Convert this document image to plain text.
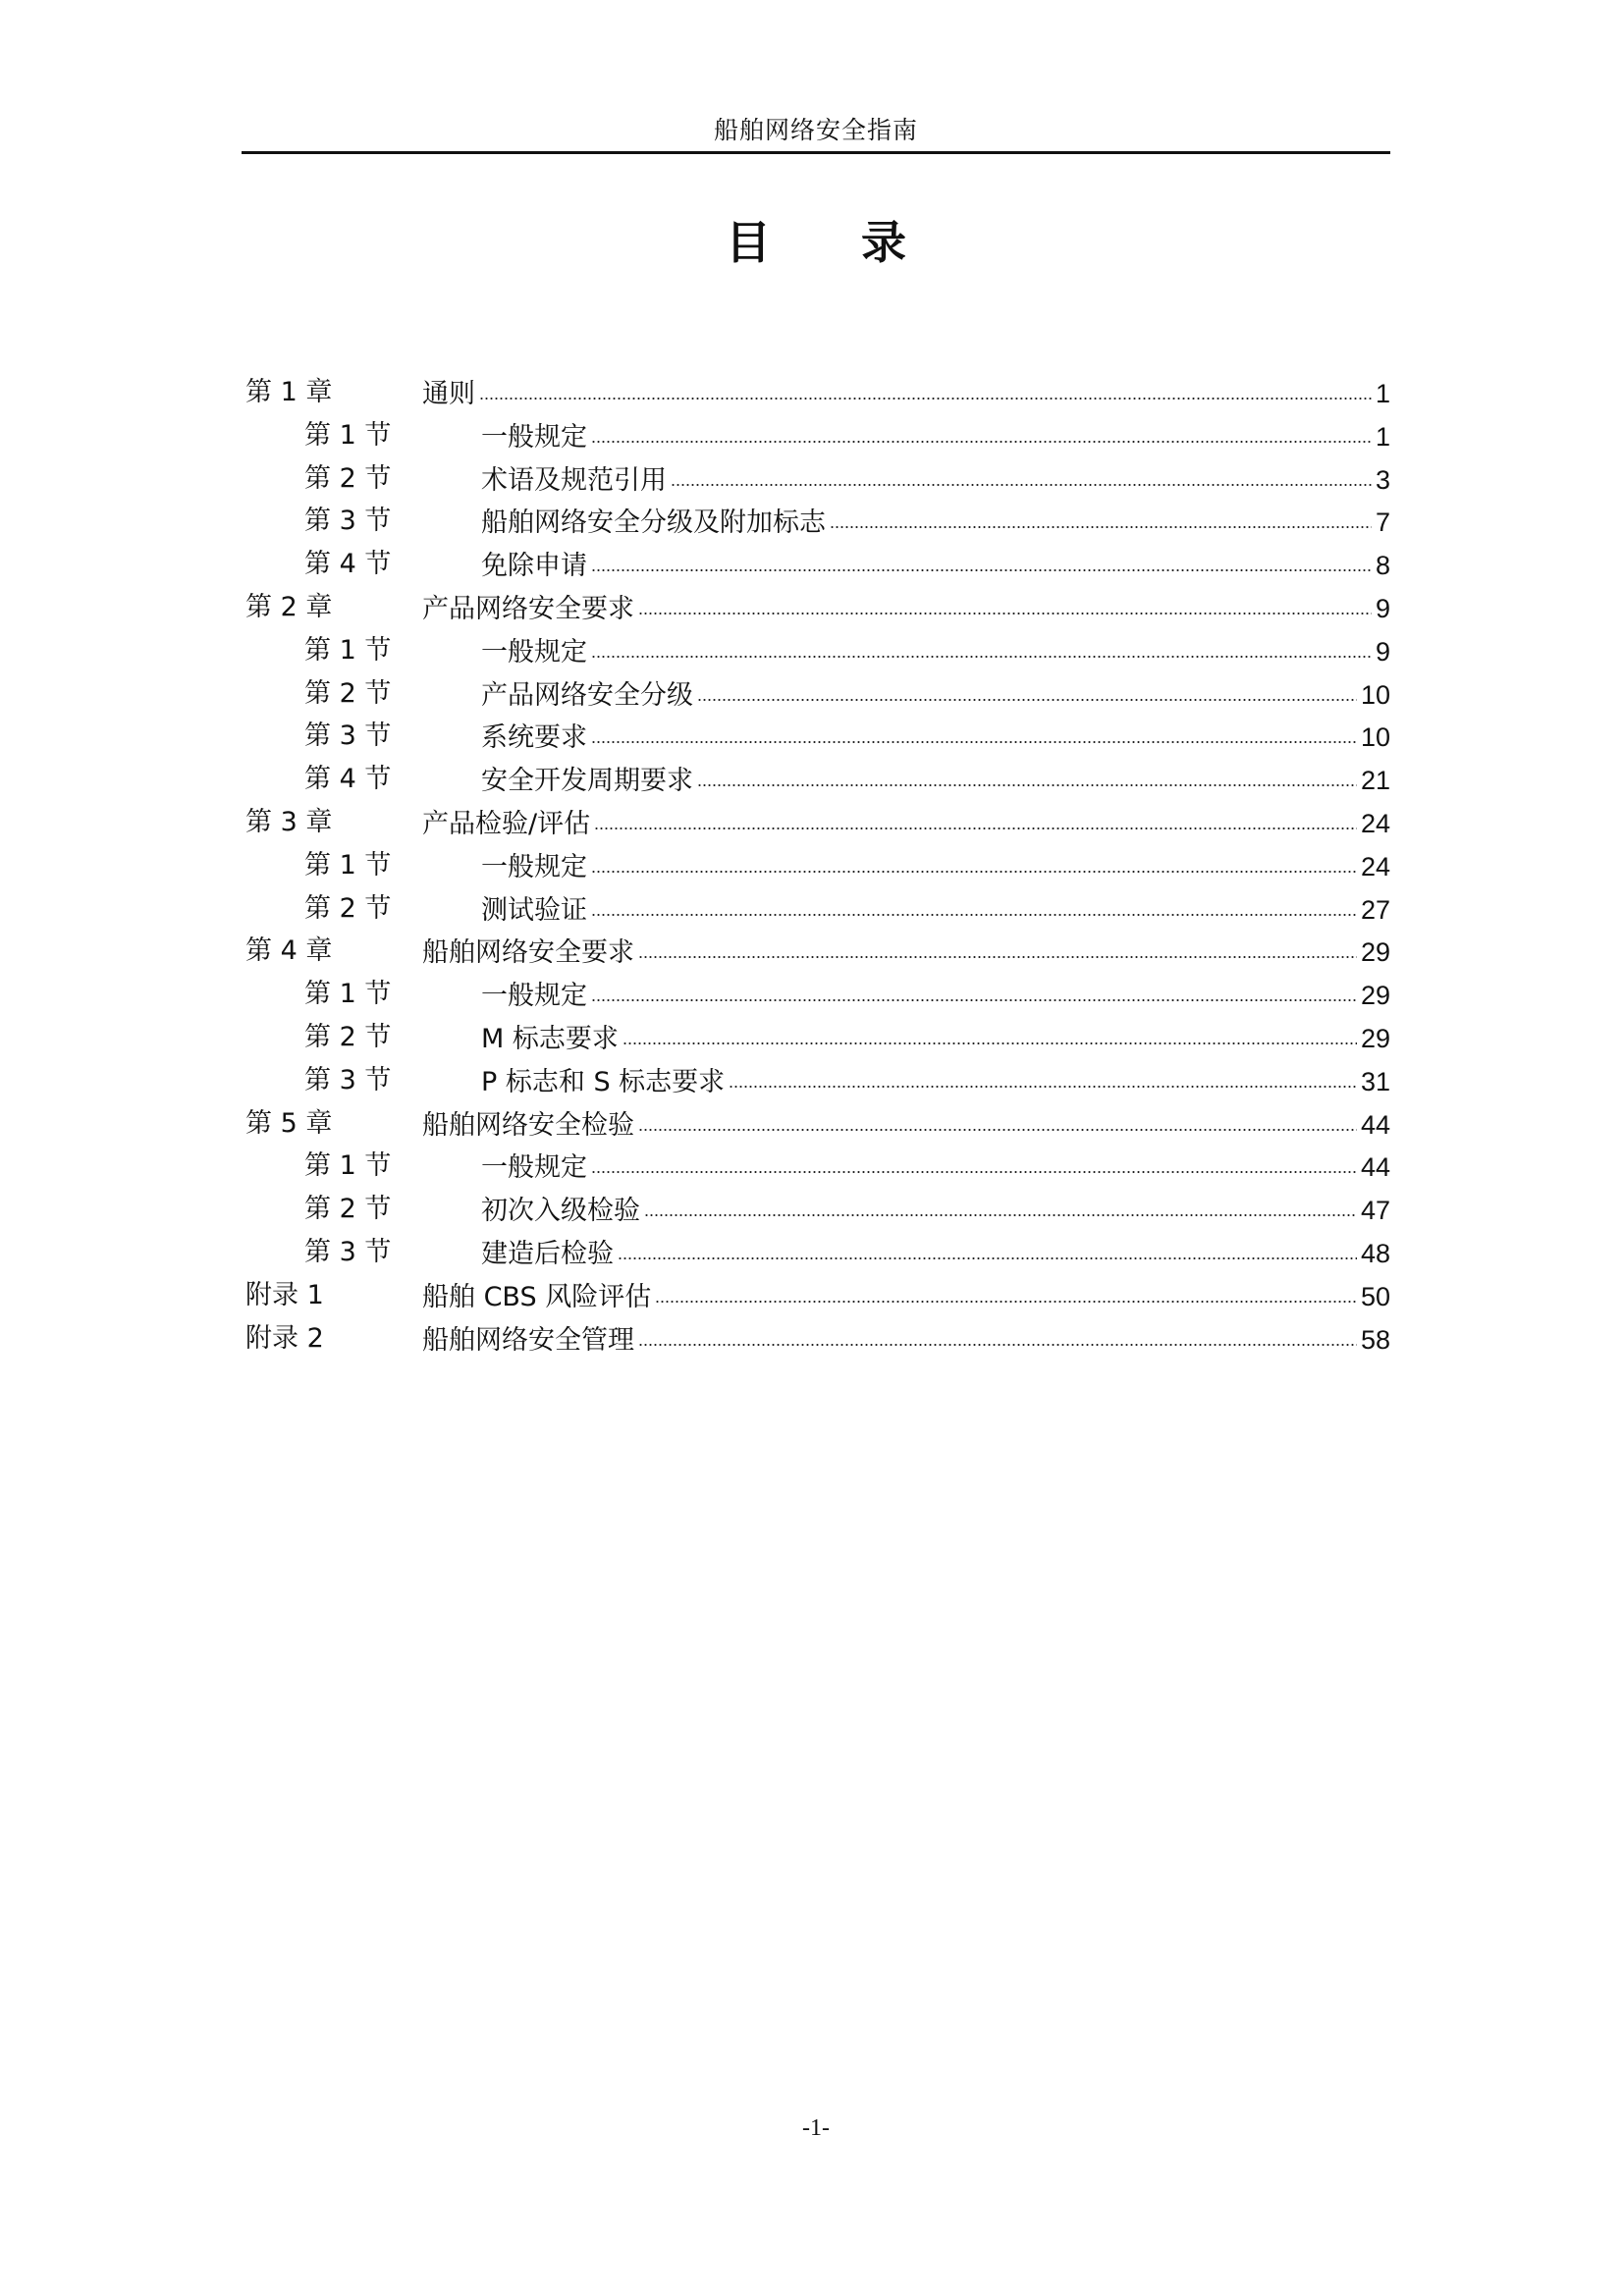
船舶网络安全指南
目 录
第 1 章	通则	1
第 1 节	一般规定	1
第 2 节	术语及规范引用	3
第 3 节	船舶网络安全分级及附加标志	7
第 4 节	免除申请	8
第 2 章	产品网络安全要求	9
第 1 节	一般规定	9
第 2 节	产品网络安全分级	10
第 3 节	系统要求	10
第 4 节	安全开发周期要求	21
第 3 章	产品检验/评估	24
第 1 节	一般规定	24
第 2 节	测试验证	27
第 4 章	船舶网络安全要求	29
第 1 节	一般规定	29
第 2 节	M 标志要求	29
第 3 节	P 标志和 S 标志要求	31
第 5 章	船舶网络安全检验	44
第 1 节	一般规定	44
第 2 节	初次入级检验	47
第 3 节	建造后检验	48
附录 1	船舶 CBS 风险评估	50
附录 2	船舶网络安全管理	58
-1-
